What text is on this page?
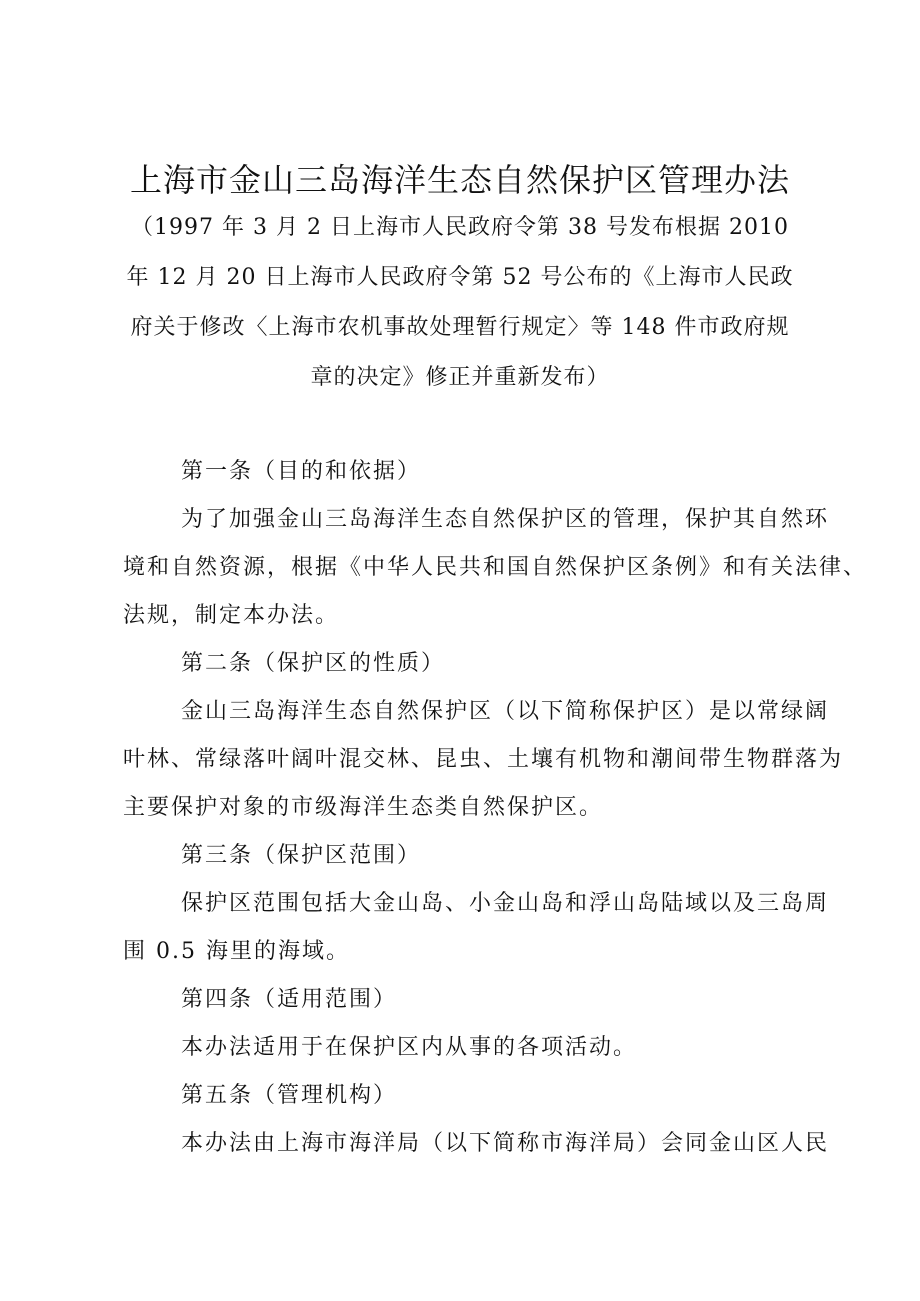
上海市金山三岛海洋生态自然保护区管理办法
（1997 年 3 月 2 日上海市人民政府令第 38 号发布根据 2010
年 12 月 20 日上海市人民政府令第 52 号公布的《上海市人民政
府关于修改〈上海市农机事故处理暂行规定〉等 148 件市政府规
章的决定》修正并重新发布）
第一条（目的和依据）
为了加强金山三岛海洋生态自然保护区的管理，保护其自然环
境和自然资源，根据《中华人民共和国自然保护区条例》和有关法律、
法规，制定本办法。
第二条（保护区的性质）
金山三岛海洋生态自然保护区（以下简称保护区）是以常绿阔
叶林、常绿落叶阔叶混交林、昆虫、土壤有机物和潮间带生物群落为
主要保护对象的市级海洋生态类自然保护区。
第三条（保护区范围）
保护区范围包括大金山岛、小金山岛和浮山岛陆域以及三岛周
围 0.5 海里的海域。
第四条（适用范围）
本办法适用于在保护区内从事的各项活动。
第五条（管理机构）
本办法由上海市海洋局（以下简称市海洋局）会同金山区人民
